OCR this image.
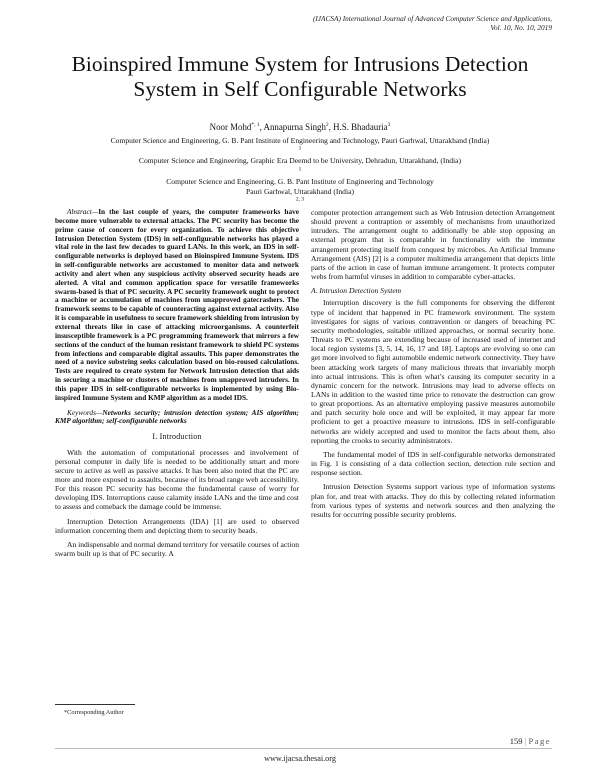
(IJACSA) International Journal of Advanced Computer Science and Applications,
Vol. 10, No. 10, 2019
Bioinspired Immune System for Intrusions Detection
System in Self Configurable Networks
Noor Mohd$^{*, 1}$, Annapurna Singh$^2$, H.S. Bhadauria$^3$
Computer Science and Engineering, G. B. Pant Institute of Engineering and Technology, Pauri Garhwal, Uttarakhand (India)
$^1$
Computer Science and Engineering, Graphic Era Deemd to be University, Dehradun, Uttarakhand, (India)
$^1$
Computer Science and Engineering, G. B. Pant Institute of Engineering and Technology
Pauri Garhwal, Uttarakhand (India)
$^{2, 3}$

Abstract—In the last couple of years, the computer frameworks have become more vulnerable to external attacks. The PC security has become the prime cause of concern for every organization. To achieve this objective Intrusion Detection System (IDS) in self-configurable networks has played a vital role in the last few decades to guard LANs. In this work, an IDS in self-configurable networks is deployed based on Bioinspired Immune System. IDS in self-configurable networks are accustomed to monitor data and network activity and alert when any suspicious activity observed security heads are alerted. A vital and common application space for versatile frameworks swarm-based is that of PC security. A PC security framework ought to protect a machine or accumulation of machines from unapproved gatecrashers. The framework seems to be capable of counteracting against external activity. Also it is comparable in usefulness to secure framework shielding from intrusion by external threats like in case of attacking microorganisms. A counterfeit insusceptible framework is a PC programming framework that mirrors a few sections of the conduct of the human resistant framework to shield PC systems from infections and comparable digital assaults. This paper demonstrates the need of a novice substring seeks calculation based on bio-roused calculations. Tests are required to create system for Network Intrusion detection that aids in securing a machine or clusters of machines from unapproved intruders. In this paper IDS in self-configurable networks is implemented by using Bio-inspired Immune System and KMP algorithm as a model IDS.

Keywords—Networks security; intrusion detection system; AIS algorithm; KMP algorithm; self-configurable networks

I. Introduction

With the automation of computational processes and involvement of personal computer in daily life is needed to be additionally smart and more secure to active as well as passive attacks. It has been also noted that the PC are more and more exposed to assaults, because of its broad range web accessibility. For this reason PC security has become the fundamental cause of worry for developing IDS. Interruptions cause calamity inside LANs and the time and cost to assess and comeback the damage could be immense.

Interruption Detection Arrangements (IDA) [1] are used to observed information concerning them and depicting them to security heads.

An indispensable and normal demand territory for versatile courses of action swarm built up is that of PC security. A

computer protection arrangement such as Web Intrusion detection Arrangement should prevent a contraption or assembly of mechanisms from unauthorized intruders. The arrangement ought to additionally be able stop opposing an external program that is comparable in functionality with the immune arrangement protecting itself from conquest by microbes. An Artificial Immune Arrangement (AIS) [2] is a computer multimedia arrangement that depicts little parts of the action in case of human immune arrangement. It protects computer webs from harmful viruses in addition to comparable cyber-attacks.

A. Intrusion Detection System

Interruption discovery is the full components for observing the different type of incident that happened in PC framework environment. The system investigates for signs of various contravention or dangers of breaching PC security methodologies, suitable utilized approaches, or normal security hone. Threats to PC systems are extending because of increased used of internet and local region systems [3, 5, 14, 16, 17 and 18]. Laptops are evolving so one can get more involved to fight automobile endemic network connectivity. They have been attacking work targets of many malicious threats that invariably morph into actual intrusions. This is often what’s causing its computer security in a dynamic concern for the network. Intrusions may lead to adverse effects on LANs in addition to the wasted time price to renovate the destruction can grow to great proportions. As an alternative employing passive measures automobile and patch security hole once and will be exploited, it may appear far more proficient to get a proactive measure to intrusions. IDS in self-configurable networks are widely accepted and used to monitor the facts about them, also reporting the crooks to security administrators.

The fundamental model of IDS in self-configurable networks demonstrated in Fig. 1 is consisting of a data collection section, detection rule section and response section.

Intrusion Detection Systems support various type of information systems plan for, and treat with attacks. They do this by collecting related information from various types of systems and network sources and then analyzing the results for occurring possible security problems.

*Corresponding Author
159 | Page
www.ijacsa.thesai.org
